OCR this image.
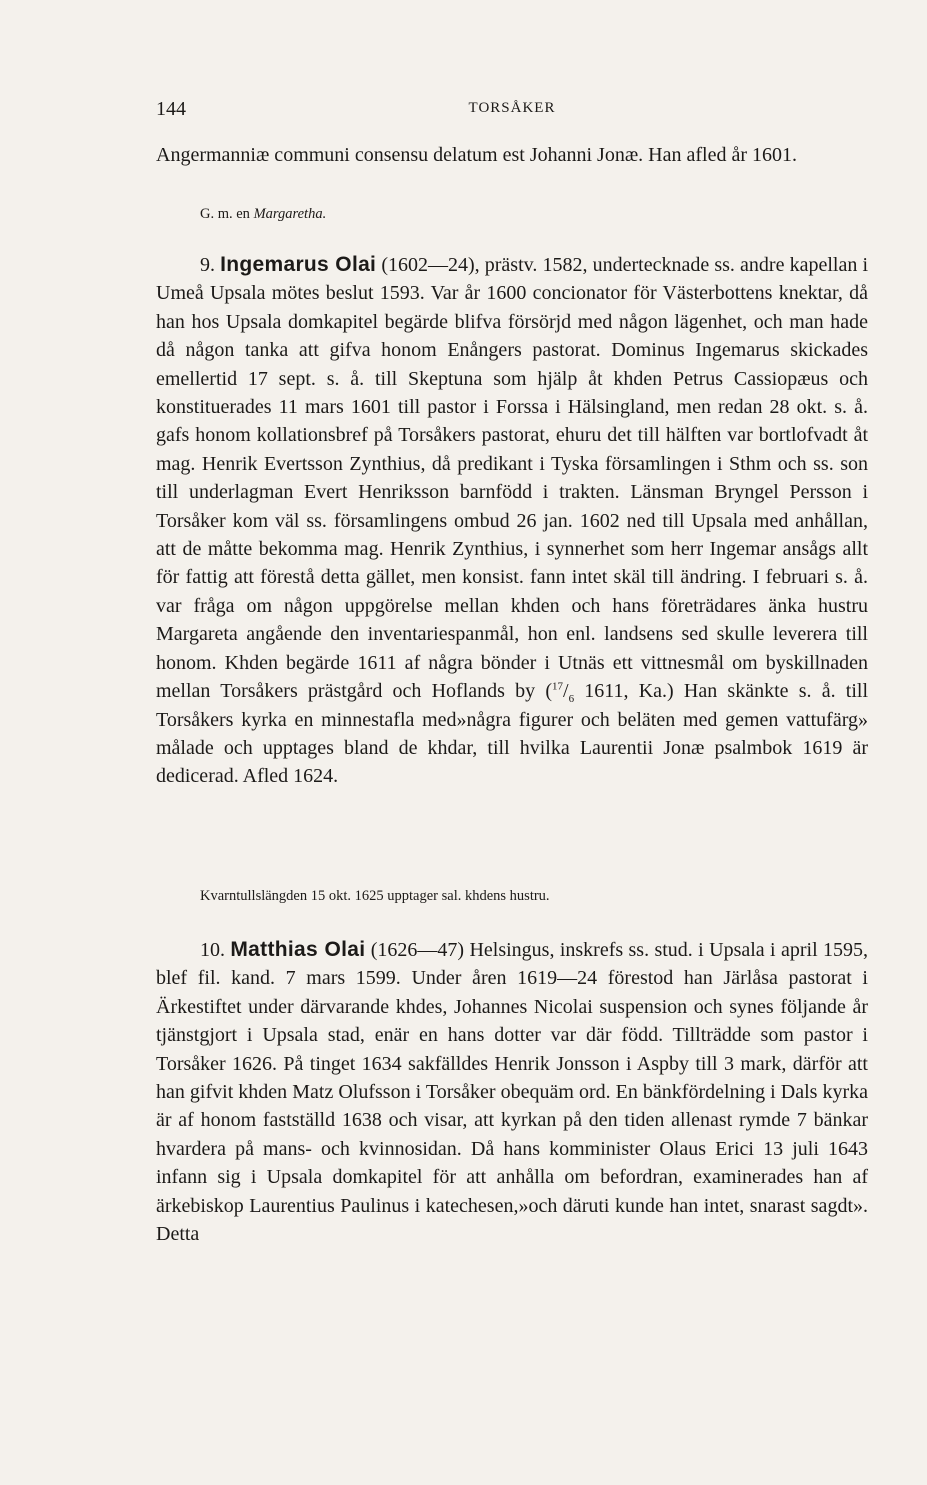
144	TORSÅKER

Angermanniæ communi consensu delatum est Johanni Jonæ. Han afled år 1601.

G. m. en Margaretha.

9. Ingemarus Olai (1602—24), prästv. 1582, undertecknade ss. andre kapellan i Umeå Upsala mötes beslut 1593. Var år 1600 concionator för Västerbottens knektar, då han hos Upsala domkapitel begärde blifva försörjd med någon lägenhet, och man hade då någon tanka att gifva honom Enångers pastorat. Dominus Ingemarus skickades emellertid 17 sept. s. å. till Skeptuna som hjälp åt khden Petrus Cassiopæus och konstituerades 11 mars 1601 till pastor i Forssa i Hälsingland, men redan 28 okt. s. å. gafs honom kollationsbref på Torsåkers pastorat, ehuru det till hälften var bortlofvadt åt mag. Henrik Evertsson Zynthius, då predikant i Tyska församlingen i Sthm och ss. son till underlagman Evert Henriksson barnfödd i trakten. Länsman Bryngel Persson i Torsåker kom väl ss. församlingens ombud 26 jan. 1602 ned till Upsala med anhållan, att de måtte bekomma mag. Henrik Zynthius, i synnerhet som herr Ingemar ansågs allt för fattig att förestå detta gället, men konsist. fann intet skäl till ändring. I februari s. å. var fråga om någon uppgörelse mellan khden och hans företrädares änka hustru Margareta angående den inventariespanmål, hon enl. landsens sed skulle leverera till honom. Khden begärde 1611 af några bönder i Utnäs ett vittnesmål om byskillnaden mellan Torsåkers prästgård och Hoflands by ($^{17}/_6$ 1611, Ka.) Han skänkte s. å. till Torsåkers kyrka en minnestafla med»några figurer och beläten med gemen vattufärg» målade och upptages bland de khdar, till hvilka Laurentii Jonæ psalmbok 1619 är dedicerad. Afled 1624.

Kvarntullslängden 15 okt. 1625 upptager sal. khdens hustru.

10. Matthias Olai (1626—47) Helsingus, inskrefs ss. stud. i Upsala i april 1595, blef fil. kand. 7 mars 1599. Under åren 1619—24 förestod han Järlåsa pastorat i Ärkestiftet under därvarande khdes, Johannes Nicolai suspension och synes följande år tjänstgjort i Upsala stad, enär en hans dotter var där född. Tillträdde som pastor i Torsåker 1626. På tinget 1634 sakfälldes Henrik Jonsson i Aspby till 3 mark, därför att han gifvit khden Matz Olufsson i Torsåker obequäm ord. En bänkfördelning i Dals kyrka är af honom fastställd 1638 och visar, att kyrkan på den tiden allenast rymde 7 bänkar hvardera på mans- och kvinnosidan. Då hans komminister Olaus Erici 13 juli 1643 infann sig i Upsala domkapitel för att anhålla om befordran, examinerades han af ärkebiskop Laurentius Paulinus i katechesen,»och däruti kunde han intet, snarast sagdt». Detta
